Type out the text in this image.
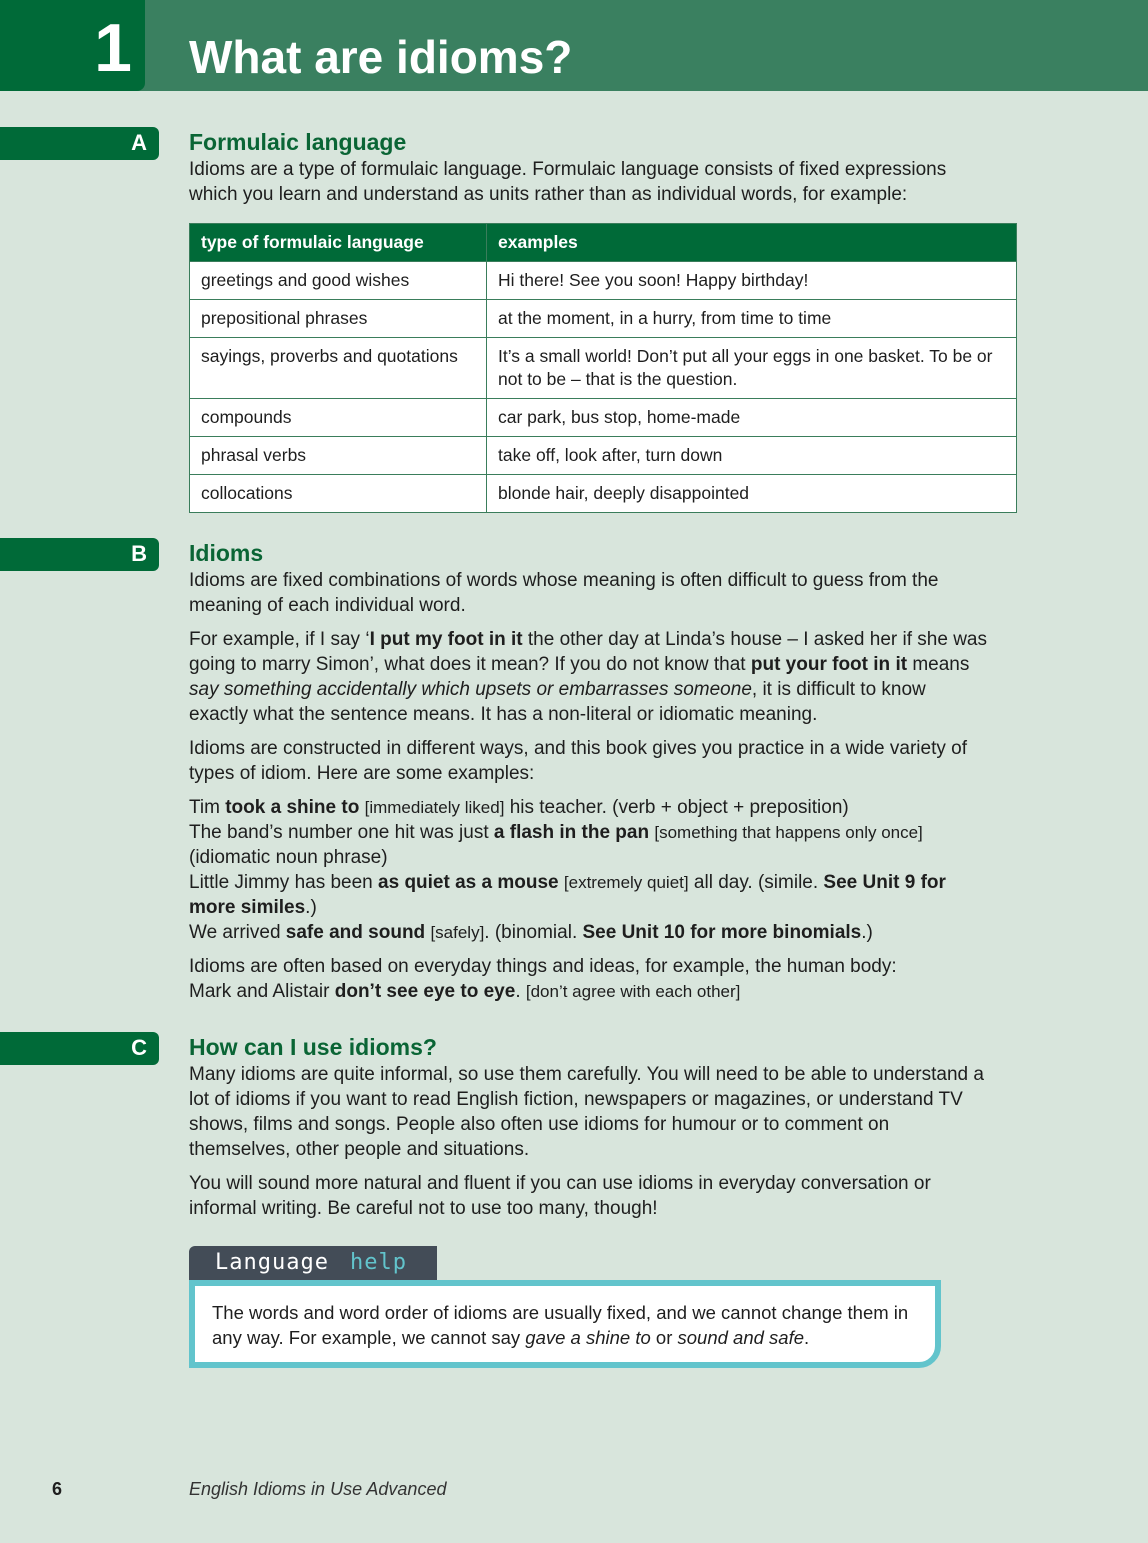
1 What are idioms?
A Formulaic language

Idioms are a type of formulaic language. Formulaic language consists of fixed expressions which you learn and understand as units rather than as individual words, for example:

type of formulaic language	examples
greetings and good wishes	Hi there! See you soon! Happy birthday!
prepositional phrases	at the moment, in a hurry, from time to time
sayings, proverbs and quotations	It’s a small world! Don’t put all your eggs in one basket. To be or not to be – that is the question.
compounds	car park, bus stop, home-made
phrasal verbs	take off, look after, turn down
collocations	blonde hair, deeply disappointed
B Idioms

Idioms are fixed combinations of words whose meaning is often difficult to guess from the meaning of each individual word.

For example, if I say ‘I put my foot in it the other day at Linda’s house – I asked her if she was going to marry Simon’, what does it mean? If you do not know that put your foot in it means say something accidentally which upsets or embarrasses someone, it is difficult to know exactly what the sentence means. It has a non-literal or idiomatic meaning.

Idioms are constructed in different ways, and this book gives you practice in a wide variety of types of idiom. Here are some examples:

Tim took a shine to [immediately liked] his teacher. (verb + object + preposition)
The band’s number one hit was just a flash in the pan [something that happens only once]
(idiomatic noun phrase)
Little Jimmy has been as quiet as a mouse [extremely quiet] all day. (simile. See Unit 9 for more similes.)
We arrived safe and sound [safely]. (binomial. See Unit 10 for more binomials.)

Idioms are often based on everyday things and ideas, for example, the human body:
Mark and Alistair don’t see eye to eye. [don’t agree with each other]

C How can I use idioms?

Many idioms are quite informal, so use them carefully. You will need to be able to understand a lot of idioms if you want to read English fiction, newspapers or magazines, or understand TV shows, films and songs. People also often use idioms for humour or to comment on themselves, other people and situations.

You will sound more natural and fluent if you can use idioms in everyday conversation or informal writing. Be careful not to use too many, though!

Language help
The words and word order of idioms are usually fixed, and we cannot change them in any way. For example, we cannot say gave a shine to or sound and safe.
6	English Idioms in Use Advanced
